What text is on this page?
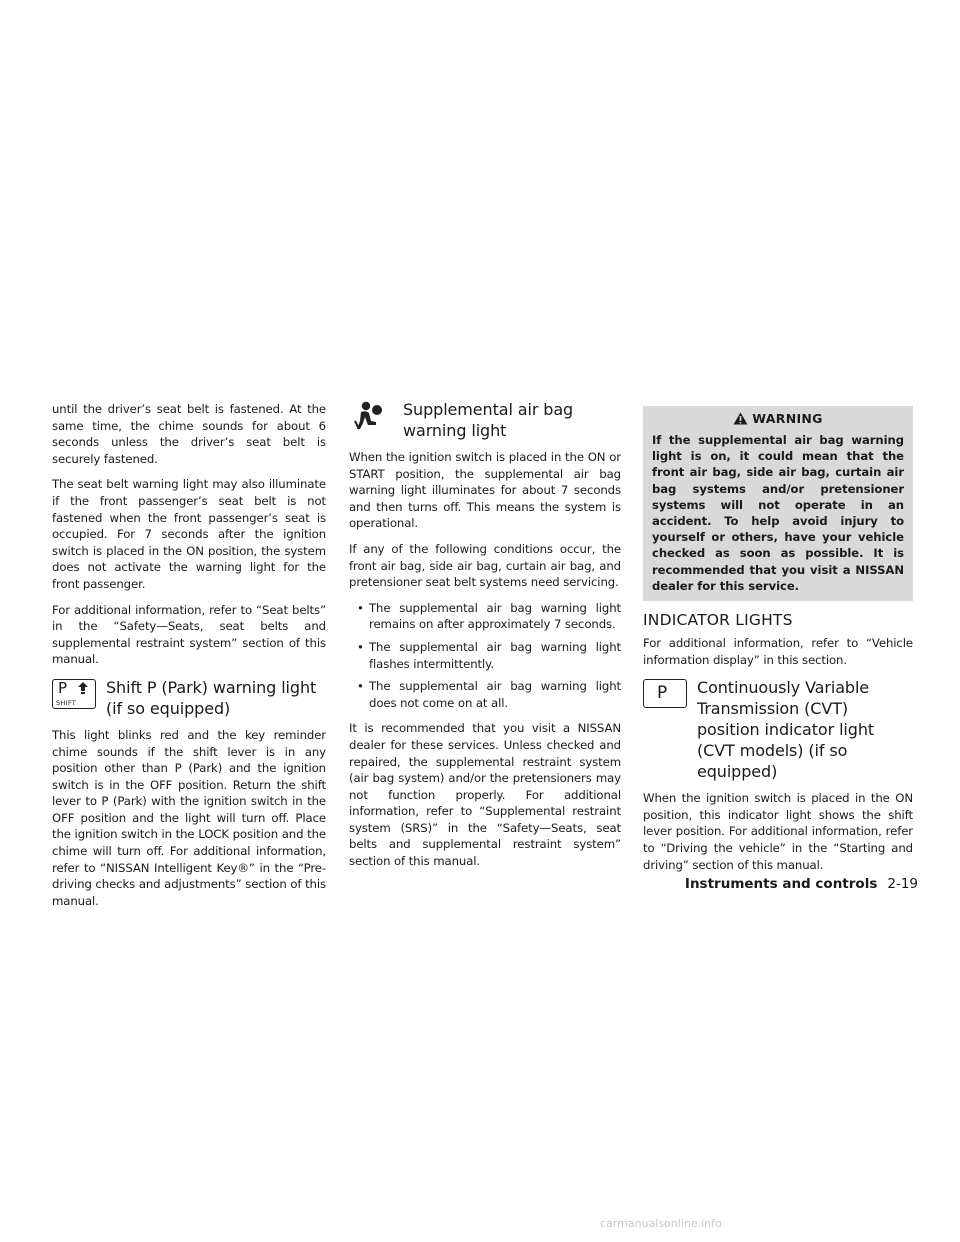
until the driver’s seat belt is fastened. At the same time, the chime sounds for about 6 seconds unless the driver’s seat belt is securely fastened.

The seat belt warning light may also illuminate if the front passenger’s seat belt is not fastened when the front passenger’s seat is occupied. For 7 seconds after the ignition switch is placed in the ON position, the system does not activate the warning light for the front passenger.

For additional information, refer to “Seat belts” in the “Safety—Seats, seat belts and supplemental restraint system” section of this manual.

P
SHIFT
Shift P (Park) warning light (if so equipped)

This light blinks red and the key reminder chime sounds if the shift lever is in any position other than P (Park) and the ignition switch is in the OFF position. Return the shift lever to P (Park) with the ignition switch in the OFF position and the light will turn off. Place the ignition switch in the LOCK position and the chime will turn off. For additional information, refer to “NISSAN Intelligent Key®” in the “Pre-driving checks and adjustments” section of this manual.

Supplemental air bag warning light

When the ignition switch is placed in the ON or START position, the supplemental air bag warning light illuminates for about 7 seconds and then turns off. This means the system is operational.

If any of the following conditions occur, the front air bag, side air bag, curtain air bag, and pretensioner seat belt systems need servicing.

• The supplemental air bag warning light remains on after approximately 7 seconds.
• The supplemental air bag warning light flashes intermittently.
• The supplemental air bag warning light does not come on at all.

It is recommended that you visit a NISSAN dealer for these services. Unless checked and repaired, the supplemental restraint system (air bag system) and/or the pretensioners may not function properly. For additional information, refer to “Supplemental restraint system (SRS)” in the “Safety—Seats, seat belts and supplemental restraint system” section of this manual.

WARNING

If the supplemental air bag warning light is on, it could mean that the front air bag, side air bag, curtain air bag systems and/or pretensioner systems will not operate in an accident. To help avoid injury to yourself or others, have your vehicle checked as soon as possible. It is recommended that you visit a NISSAN dealer for this service.

INDICATOR LIGHTS

For additional information, refer to “Vehicle information display” in this section.

P Continuously Variable Transmission (CVT) position indicator light (CVT models) (if so equipped)

When the ignition switch is placed in the ON position, this indicator light shows the shift lever position. For additional information, refer to “Driving the vehicle” in the “Starting and driving” section of this manual.

Instruments and controls 2-19
carmanualsonline.info
